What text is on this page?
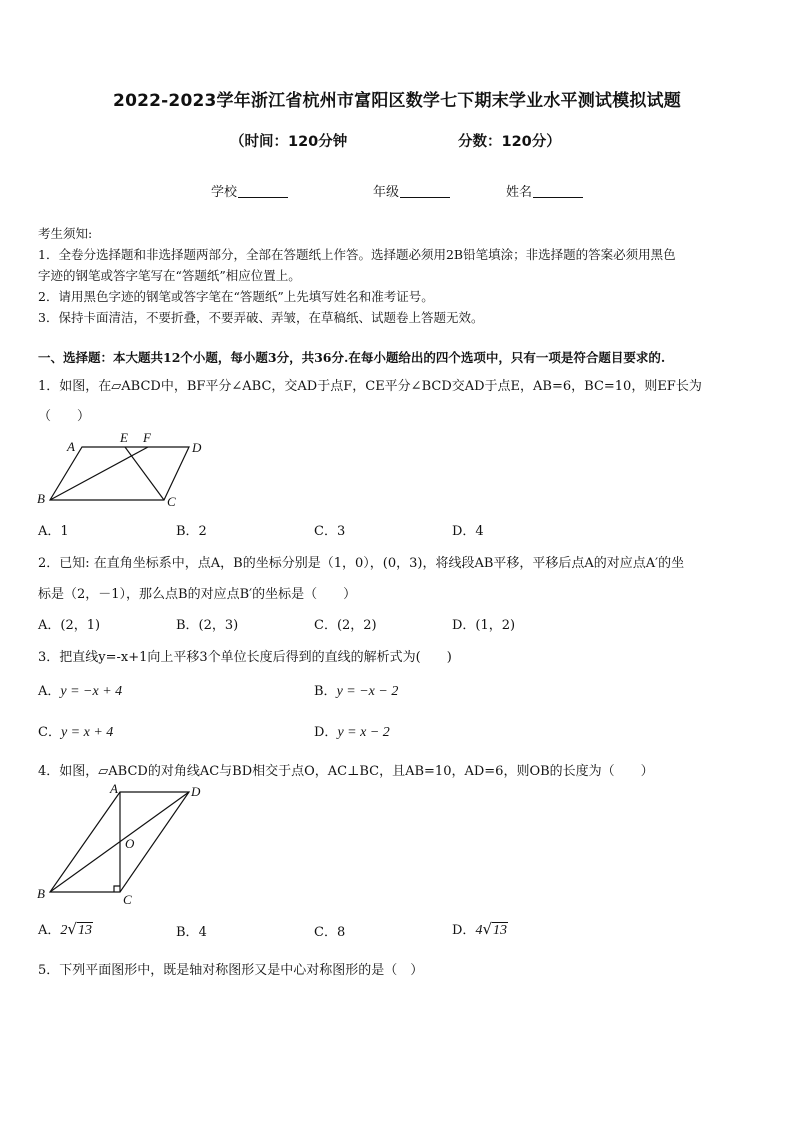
2022-2023学年浙江省杭州市富阳区数学七下期末学业水平测试模拟试题
（时间：120分钟	分数：120分）
学校	年级	姓名
考生须知:
1．全卷分选择题和非选择题两部分，全部在答题纸上作答。选择题必须用2B铅笔填涂；非选择题的答案必须用黑色
字迹的钢笔或答字笔写在“答题纸”相应位置上。
2．请用黑色字迹的钢笔或答字笔在“答题纸”上先填写姓名和准考证号。
3．保持卡面清洁，不要折叠，不要弄破、弄皱，在草稿纸、试题卷上答题无效。
一、选择题：本大题共12个小题，每小题3分，共36分.在每小题给出的四个选项中，只有一项是符合题目要求的.
1．如图，在▱ABCD中，BF平分∠ABC，交AD于点F，CE平分∠BCD交AD于点E，AB=6，BC=10，则EF长为
（　　）
A
E F
D
B	C
A．1	B．2	C．3	D．4
2．已知: 在直角坐标系中，点A，B的坐标分别是（1，0），(0，3)，将线段AB平移，平移后点A的对应点A′的坐
标是（2，－1），那么点B的对应点B′的坐标是（　　）
A．(2，1)	B．(2，3)	C．(2，2)	D．(1，2)
3．把直线y=-x+1向上平移3个单位长度后得到的直线的解析式为(　　)
A．y = −x + 4	B．y = −x − 2
C．y = x + 4	D．y = x − 2
4．如图，▱ABCD的对角线AC与BD相交于点O，AC⊥BC，且AB=10，AD=6，则OB的长度为（　　）
A	D
O
B	C
A．2√13	B．4	C．8	D．4√13
5．下列平面图形中，既是轴对称图形又是中心对称图形的是（　）
